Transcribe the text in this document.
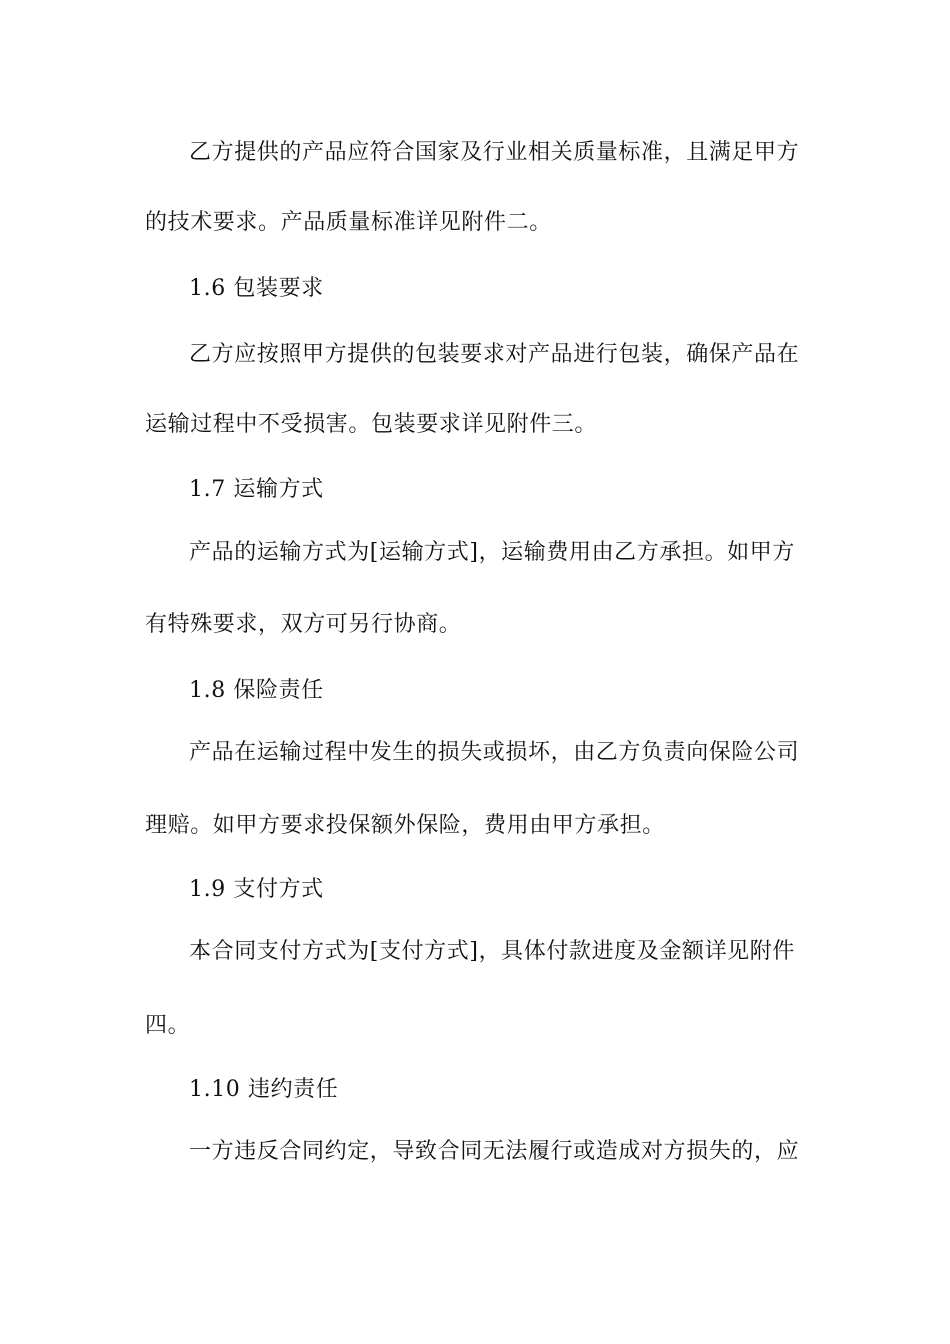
乙方提供的产品应符合国家及行业相关质量标准，且满足甲方
的技术要求。产品质量标准详见附件二。
1.6 包装要求
乙方应按照甲方提供的包装要求对产品进行包装，确保产品在
运输过程中不受损害。包装要求详见附件三。
1.7 运输方式
产品的运输方式为[运输方式]，运输费用由乙方承担。如甲方
有特殊要求，双方可另行协商。
1.8 保险责任
产品在运输过程中发生的损失或损坏，由乙方负责向保险公司
理赔。如甲方要求投保额外保险，费用由甲方承担。
1.9 支付方式
本合同支付方式为[支付方式]，具体付款进度及金额详见附件
四。
1.10 违约责任
一方违反合同约定，导致合同无法履行或造成对方损失的，应
